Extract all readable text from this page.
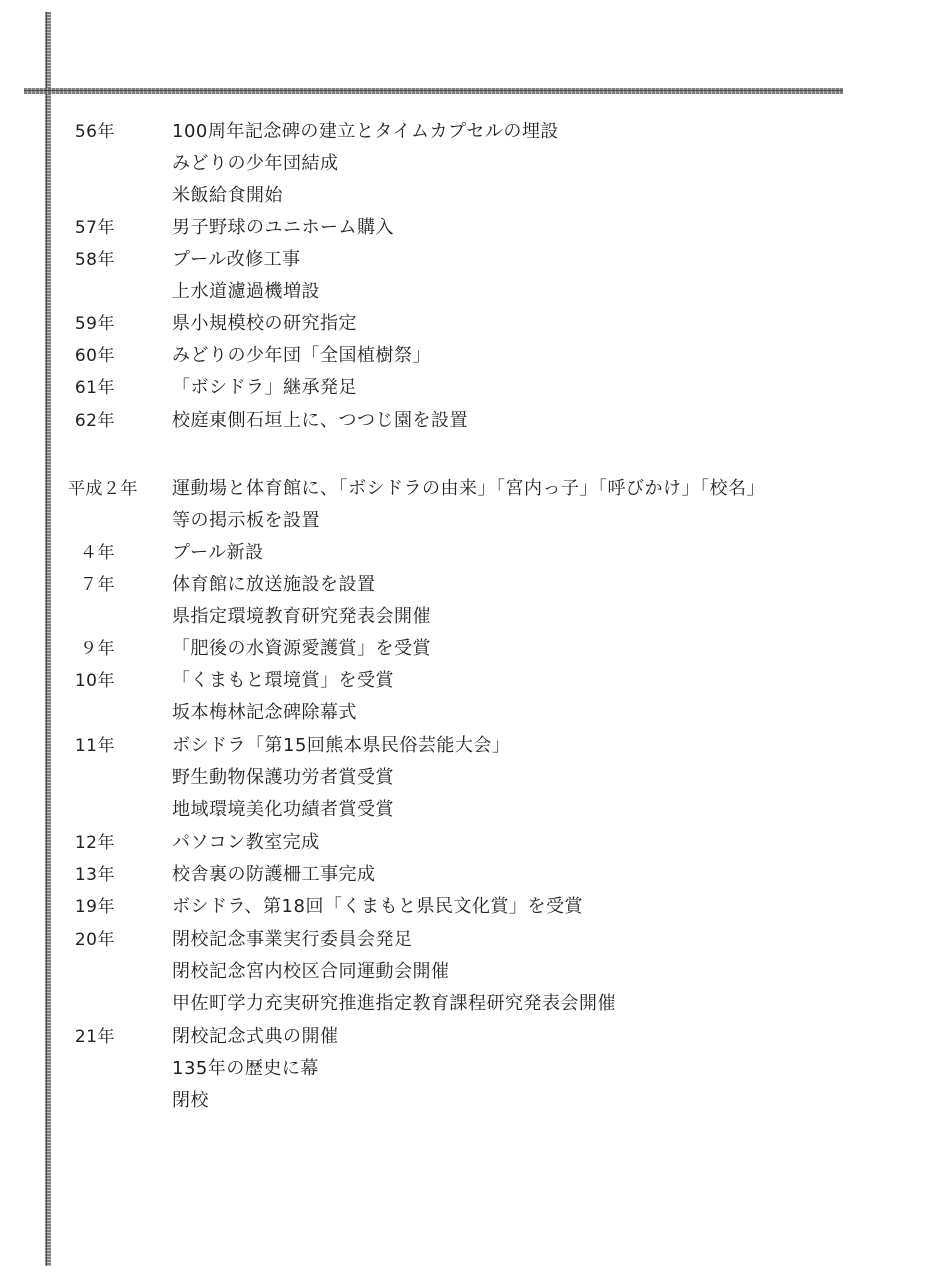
56年	100周年記念碑の建立とタイムカプセルの埋設
みどりの少年団結成
米飯給食開始
57年	男子野球のユニホーム購入
58年	プール改修工事
上水道濾過機増設
59年	県小規模校の研究指定
60年	みどりの少年団「全国植樹祭」
61年	「ボシドラ」継承発足
62年	校庭東側石垣上に、つつじ園を設置
平成２年 運動場と体育館に、「ボシドラの由来」「宮内っ子」「呼びかけ」「校名」
等の掲示板を設置
４年	プール新設
７年	体育館に放送施設を設置
県指定環境教育研究発表会開催
９年	「肥後の水資源愛護賞」を受賞
10年	「くまもと環境賞」を受賞
坂本梅林記念碑除幕式
11年	ボシドラ「第15回熊本県民俗芸能大会」
野生動物保護功労者賞受賞
地域環境美化功績者賞受賞
12年	パソコン教室完成
13年	校舎裏の防護柵工事完成
19年	ボシドラ、第18回「くまもと県民文化賞」を受賞
20年	閉校記念事業実行委員会発足
閉校記念宮内校区合同運動会開催
甲佐町学力充実研究推進指定教育課程研究発表会開催
21年	閉校記念式典の開催
135年の歴史に幕
閉校
